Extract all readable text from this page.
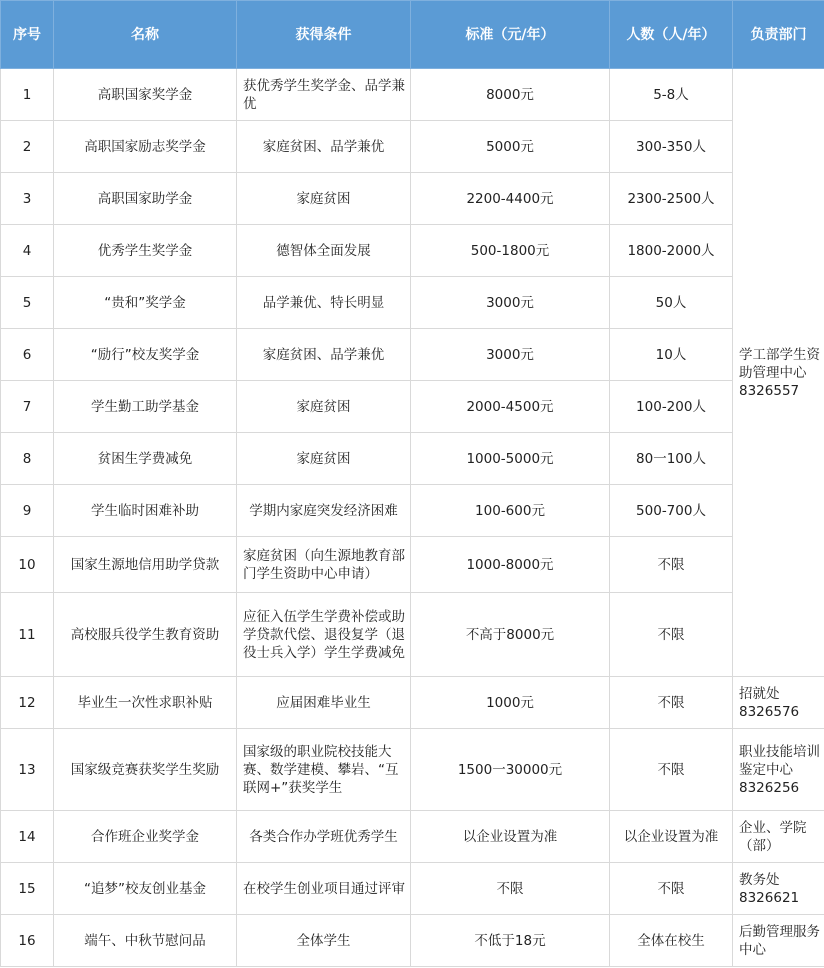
序号	名称	获得条件	标准（元/年）	人数（人/年）	负责部门
1	高职国家奖学金	获优秀学生奖学金、品学兼优	8000元	5-8人	学工部学生资助管理中心8326557
2	高职国家励志奖学金	家庭贫困、品学兼优	5000元	300-350人	
3	高职国家助学金	家庭贫困	2200-4400元	2300-2500人	
4	优秀学生奖学金	德智体全面发展	500-1800元	1800-2000人	
5	“贵和”奖学金	品学兼优、特长明显	3000元	50人	
6	“励行”校友奖学金	家庭贫困、品学兼优	3000元	10人	
7	学生勤工助学基金	家庭贫困	2000-4500元	100-200人	
8	贫困生学费减免	家庭贫困	1000-5000元	80一100人	
9	学生临时困难补助	学期内家庭突发经济困难	100-600元	500-700人	
10	国家生源地信用助学贷款	家庭贫困（向生源地教育部门学生资助中心申请）	1000-8000元	不限	
11	高校服兵役学生教育资助	应征入伍学生学费补偿或助学贷款代偿、退役复学（退役士兵入学）学生学费减免	不高于8000元	不限	
12	毕业生一次性求职补贴	应届困难毕业生	1000元	不限	招就处8326576
13	国家级竞赛获奖学生奖励	国家级的职业院校技能大赛、数学建模、攀岩、“互联网+”获奖学生	1500一30000元	不限	职业技能培训鉴定中心8326256
14	合作班企业奖学金	各类合作办学班优秀学生	以企业设置为准	以企业设置为准	企业、学院（部）
15	“追梦”校友创业基金	在校学生创业项目通过评审	不限	不限	教务处8326621
16	端午、中秋节慰问品	全体学生	不低于18元	全体在校生	后勤管理服务中心
